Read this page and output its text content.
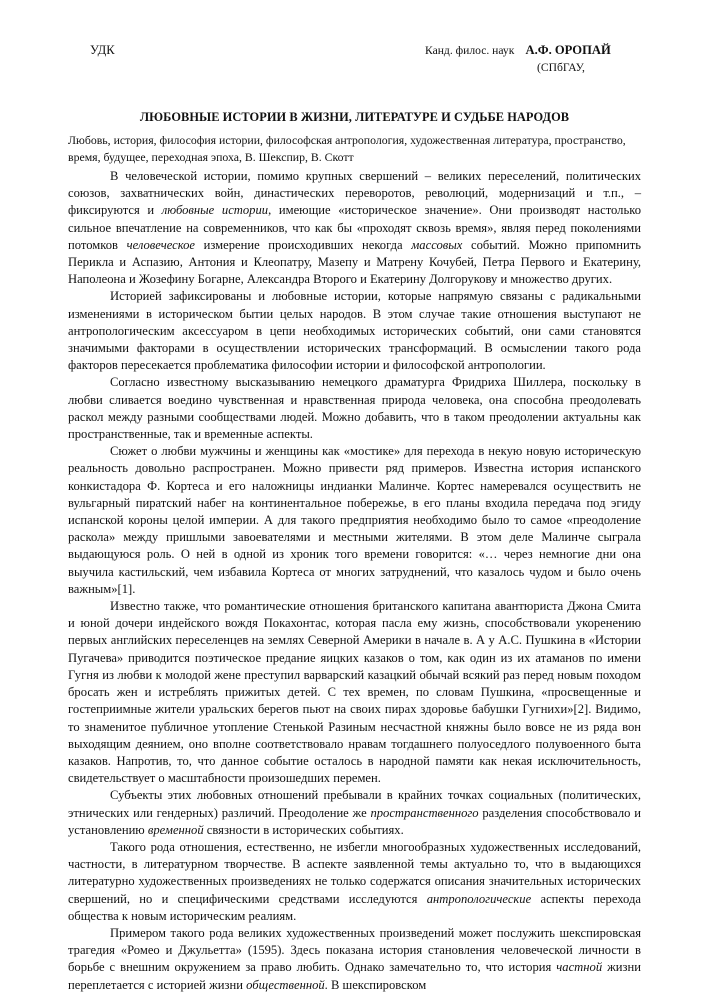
УДК	Канд. филос. наук А.Ф. ОРОПАЙ
(СПбГАУ,
ЛЮБОВНЫЕ ИСТОРИИ В ЖИЗНИ, ЛИТЕРАТУРЕ И СУДЬБЕ НАРОДОВ
Любовь, история, философия истории, философская антропология, художественная литература, пространство, время, будущее, переходная эпоха, В. Шекспир, В. Скотт

В человеческой истории, помимо крупных свершений – великих переселений, политических союзов, захватнических войн, династических переворотов, революций, модернизаций и т.п., – фиксируются и любовные истории, имеющие «историческое значение». Они производят настолько сильное впечатление на современников, что как бы «проходят сквозь время», являя перед поколениями потомков человеческое измерение происходивших некогда массовых событий. Можно припомнить Перикла и Аспазию, Антония и Клеопатру, Мазепу и Матрену Кочубей, Петра Первого и Екатерину, Наполеона и Жозефину Богарне, Александра Второго и Екатерину Долгорукову и множество других.

Историей зафиксированы и любовные истории, которые напрямую связаны с радикальными изменениями в историческом бытии целых народов. В этом случае такие отношения выступают не антропологическим аксессуаром в цепи необходимых исторических событий, они сами становятся значимыми факторами в осуществлении исторических трансформаций. В осмыслении такого рода факторов пересекается проблематика философии истории и философской антропологии.

Согласно известному высказыванию немецкого драматурга Фридриха Шиллера, поскольку в любви сливается воедино чувственная и нравственная природа человека, она способна преодолевать раскол между разными сообществами людей. Можно добавить, что в таком преодолении актуальны как пространственные, так и временные аспекты.

Сюжет о любви мужчины и женщины как «мостике» для перехода в некую новую историческую реальность довольно распространен. Можно привести ряд примеров. Известна история испанского конкистадора Ф. Кортеса и его наложницы индианки Малинче. Кортес намеревался осуществить не вульгарный пиратский набег на континентальное побережье, в его планы входила передача под эгиду испанской короны целой империи. А для такого предприятия необходимо было то самое «преодоление раскола» между пришлыми завоевателями и местными жителями. В этом деле Малинче сыграла выдающуюся роль. О ней в одной из хроник того времени говорится: «… через немногие дни она выучила кастильский, чем избавила Кортеса от многих затруднений, что казалось чудом и было очень важным»[1].

Известно также, что романтические отношения британского капитана авантюриста Джона Смита и юной дочери индейского вождя Покахонтас, которая пасла ему жизнь, способствовали укоренению первых английских переселенцев на землях Северной Америки в начале в. А у А.С. Пушкина в «Истории Пугачева» приводится поэтическое предание яицких казаков о том, как один из их атаманов по имени Гугня из любви к молодой жене преступил варварский казацкий обычай всякий раз перед новым походом бросать жен и истреблять прижитых детей. С тех времен, по словам Пушкина, «просвещенные и гостеприимные жители уральских берегов пьют на своих пирах здоровье бабушки Гугнихи»[2]. Видимо, то знаменитое публичное утопление Стенькой Разиным несчастной княжны было вовсе не из ряда вон выходящим деянием, оно вполне соответствовало нравам тогдашнего полуоседлого полувоенного быта казаков. Напротив, то, что данное событие осталось в народной памяти как некая исключительность, свидетельствует о масштабности произошедших перемен.

Субъекты этих любовных отношений пребывали в крайних точках социальных (политических, этнических или гендерных) различий. Преодоление же пространственного разделения способствовало и установлению временной связности в исторических событиях.

Такого рода отношения, естественно, не избегли многообразных художественных исследований, частности, в литературном творчестве. В аспекте заявленной темы актуально то, что в выдающихся литературно художественных произведениях не только содержатся описания значительных исторических свершений, но и специфическими средствами исследуются антропологические аспекты перехода общества к новым историческим реалиям.

Примером такого рода великих художественных произведений может послужить шекспировская трагедия «Ромео и Джульетта» (1595). Здесь показана история становления человеческой личности в борьбе с внешним окружением за право любить. Однако замечательно то, что история частной жизни переплетается с историей жизни общественной. В шекспировском
